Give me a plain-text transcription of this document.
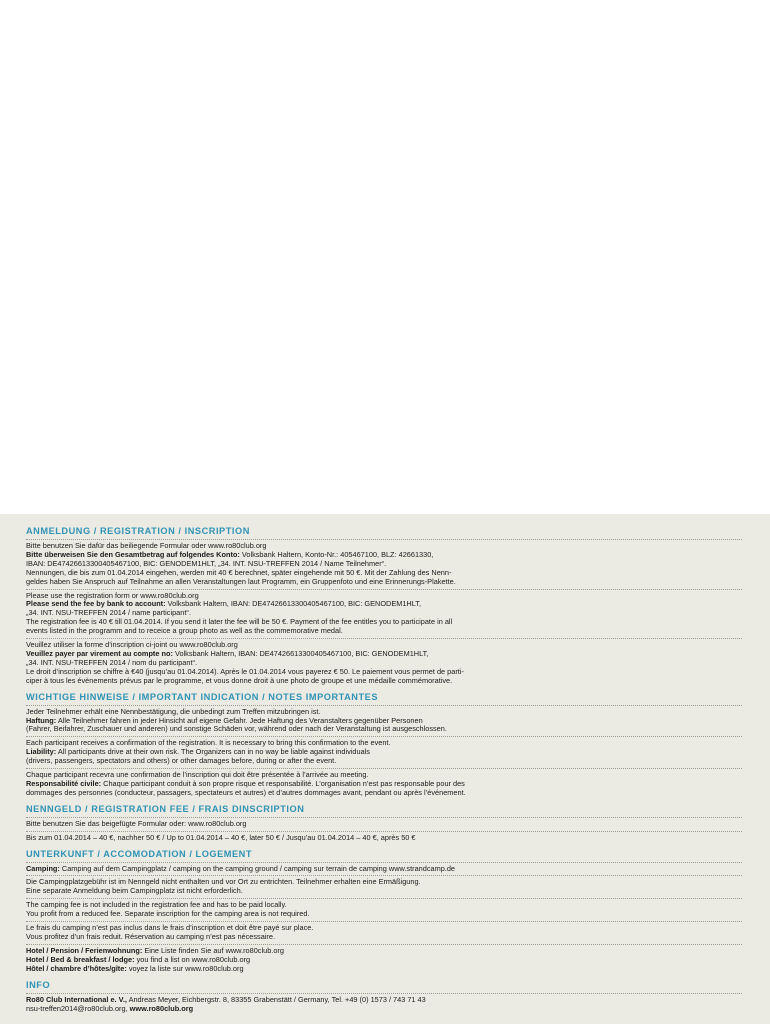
ANMELDUNG / REGISTRATION / INSCRIPTION
Bitte benutzen Sie dafür das beiliegende Formular oder www.ro80club.org
Bitte überweisen Sie den Gesamtbetrag auf folgendes Konto: Volksbank Haltern, Konto-Nr.: 405467100, BLZ: 42661330,
IBAN: DE47426613300405467100, BIC: GENODEM1HLT, „34. INT. NSU-TREFFEN 2014 / Name Teilnehmer“.
Nennungen, die bis zum 01.04.2014 eingehen, werden mit 40 € berechnet, später eingehende mit 50 €. Mit der Zahlung des Nenn-
geldes haben Sie Anspruch auf Teilnahme an allen Veranstaltungen laut Programm, ein Gruppenfoto und eine Erinnerungs-Plakette.
Please use the registration form or www.ro80club.org
Please send the fee by bank to account: Volksbank Haltern, IBAN: DE47426613300405467100, BIC: GENODEM1HLT,
„34. INT. NSU-TREFFEN 2014 / name participant“.
The registration fee is 40 € till 01.04.2014. If you send it later the fee will be 50 €. Payment of the fee entitles you to participate in all
events listed in the programm and to receice a group photo as well as the commemorative medal.
Veuillez utiliser la forme d’inscription ci-joint ou www.ro80club.org
Veuillez payer par virement au compte no: Volksbank Haltern, IBAN: DE47426613300405467100, BIC: GENODEM1HLT,
„34. INT. NSU-TREFFEN 2014 / nom du participant“.
Le droit d’inscription se chiffre à €40 (jusqu’au 01.04.2014). Après le 01.04.2014 vous payerez € 50. Le paiement vous permet de parti-
ciper à tous les évènements prévus par le programme, et vous donne droit à une photo de groupe et une médaille commémorative.
WICHTIGE HINWEISE / IMPORTANT INDICATION / NOTES IMPORTANTES
Jeder Teilnehmer erhält eine Nennbestätigung, die unbedingt zum Treffen mitzubringen ist.
Haftung: Alle Teilnehmer fahren in jeder Hinsicht auf eigene Gefahr. Jede Haftung des Veranstalters gegenüber Personen
(Fahrer, Beifahrer, Zuschauer und anderen) und sonstige Schäden vor, während oder nach der Veranstaltung ist ausgeschlossen.
Each participant receives a confirmation of the registration. It is necessary to bring this confirmation to the event.
Liability: All participants drive at their own risk. The Organizers can in no way be liable against individuals
(drivers, passengers, spectators and others) or other damages before, during or after the event.
Chaque participant recevra une confirmation de l’inscription qui doit être présentée à l’arrivée au meeting.
Responsabilité civile: Chaque participant conduit à son propre risque et responsabilité. L’organisation n’est pas responsable pour des
dommages des personnes (conducteur, passagers, spectateurs et autres) et d’autres dommages avant, pendant ou après l’événement.
NENNGELD / REGISTRATION FEE / FRAIS DINSCRIPTION
Bitte benutzen Sie das beigefügte Formular oder: www.ro80club.org
Bis zum 01.04.2014 – 40 €, nachher 50 € / Up to 01.04.2014 – 40 €, later 50 € / Jusqu’au 01.04.2014 – 40 €, après 50 €
UNTERKUNFT / ACCOMODATION / LOGEMENT
Camping: Camping auf dem Campingplatz / camping on the camping ground / camping sur terrain de camping www.strandcamp.de
Die Campingplatzgebühr ist im Nenngeld nicht enthalten und vor Ort zu entrichten. Teilnehmer erhalten eine Ermäßigung.
Eine separate Anmeldung beim Campingplatz ist nicht erforderlich.
The camping fee is not included in the registration fee and has to be paid locally.
You profit from a reduced fee. Separate inscription for the camping area is not required.
Le frais du camping n’est pas inclus dans le frais d’inscription et doit être payé sur place.
Vous profitez d’un frais reduit. Réservation au camping n’est pas nécessaire.
Hotel / Pension / Ferienwohnung: Eine Liste finden Sie auf www.ro80club.org
Hotel / Bed & breakfast / lodge: you find a list on www.ro80club.org
Hôtel / chambre d’hôtes/gîte: voyez la liste sur www.ro80club.org
INFO
Ro80 Club International e. V., Andreas Meyer, Eichbergstr. 8, 83355 Grabenstätt / Germany, Tel. +49 (0) 1573 / 743 71 43
nsu-treffen2014@ro80club.org, www.ro80club.org
